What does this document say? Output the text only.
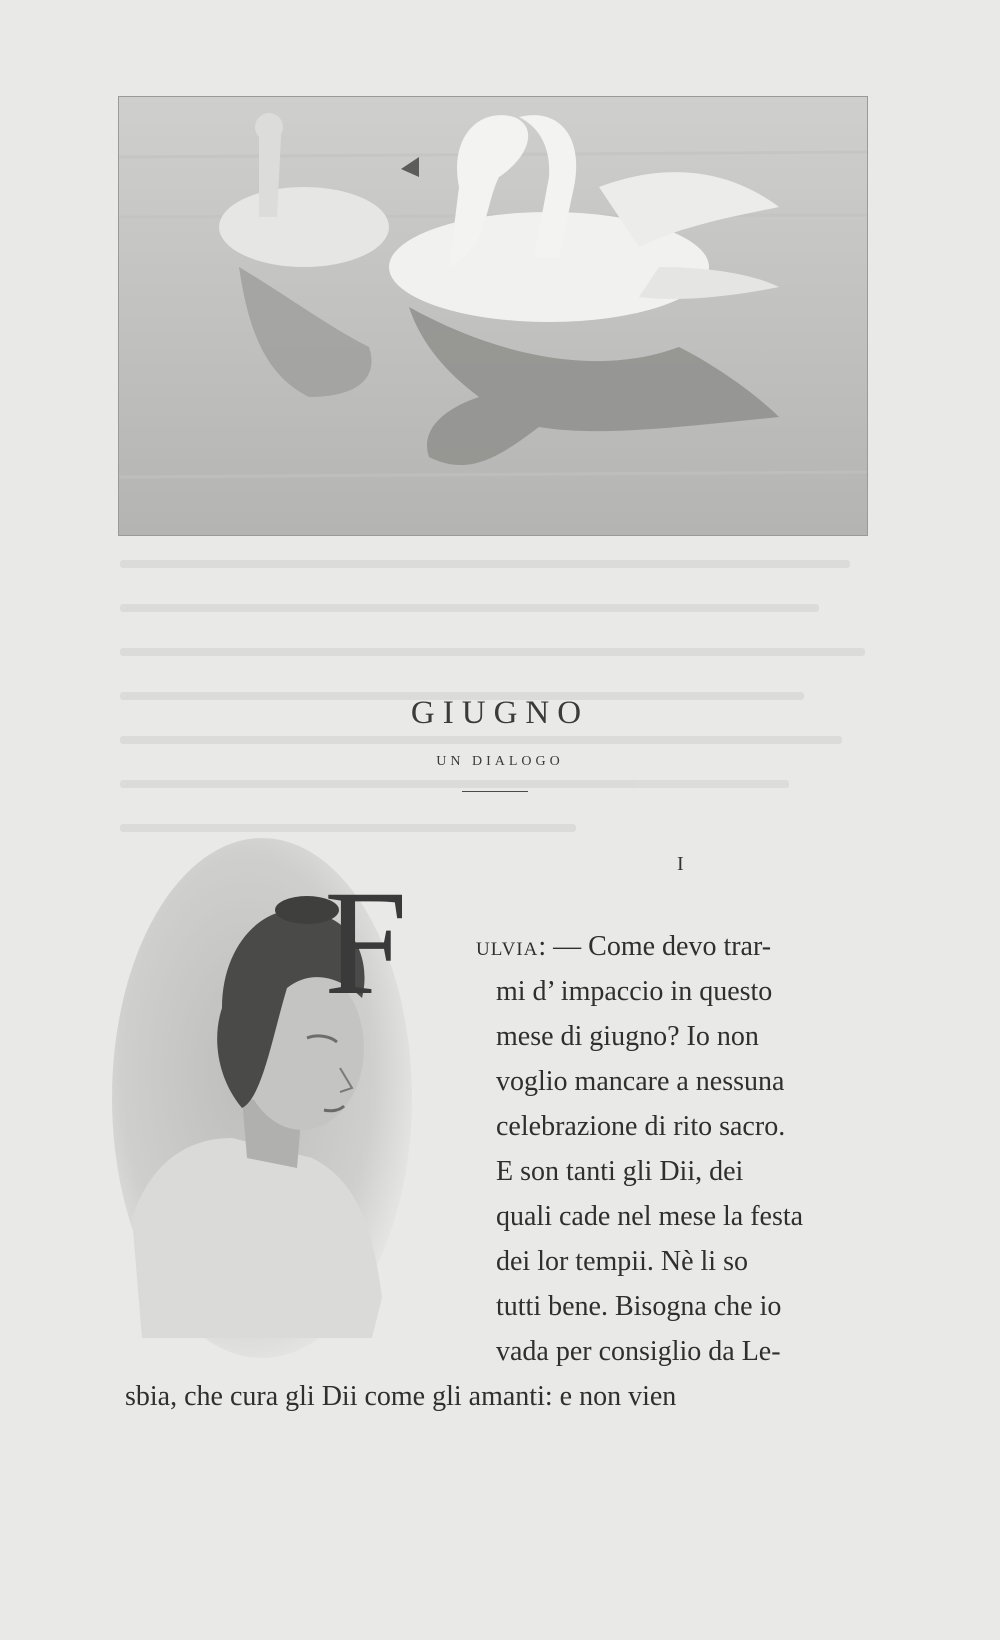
GIUGNO
UN DIALOGO
I
F	ULVIA: — Come devo trar-
mi d’ impaccio in questo
mese di giugno? Io non
voglio mancare a nessuna
celebrazione di rito sacro.
E son tanti gli Dii, dei
quali cade nel mese la festa
dei lor tempii. Nè li so
tutti bene. Bisogna che io
vada per consiglio da Le-
sbia, che cura gli Dii come gli amanti: e non vien
